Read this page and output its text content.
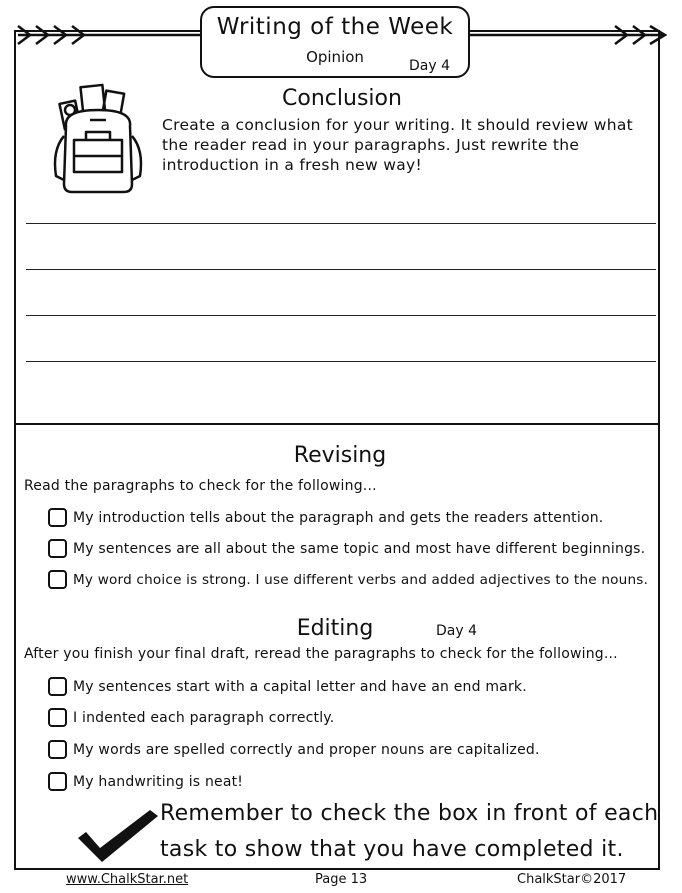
Writing of the Week
Opinion	Day 4
Conclusion
Create a conclusion for your writing. It should review what the reader read in your paragraphs. Just rewrite the introduction in a fresh new way!
Revising
Read the paragraphs to check for the following...
My introduction tells about the paragraph and gets the readers attention.
My sentences are all about the same topic and most have different beginnings.
My word choice is strong. I use different verbs and added adjectives to the nouns.
Editing	Day 4
After you finish your final draft, reread the paragraphs to check for the following...
My sentences start with a capital letter and have an end mark.
I indented each paragraph correctly.
My words are spelled correctly and proper nouns are capitalized.
My handwriting is neat!
Remember to check the box in front of each
task to show that you have completed it.
www.ChalkStar.net	Page 13	ChalkStar©2017
